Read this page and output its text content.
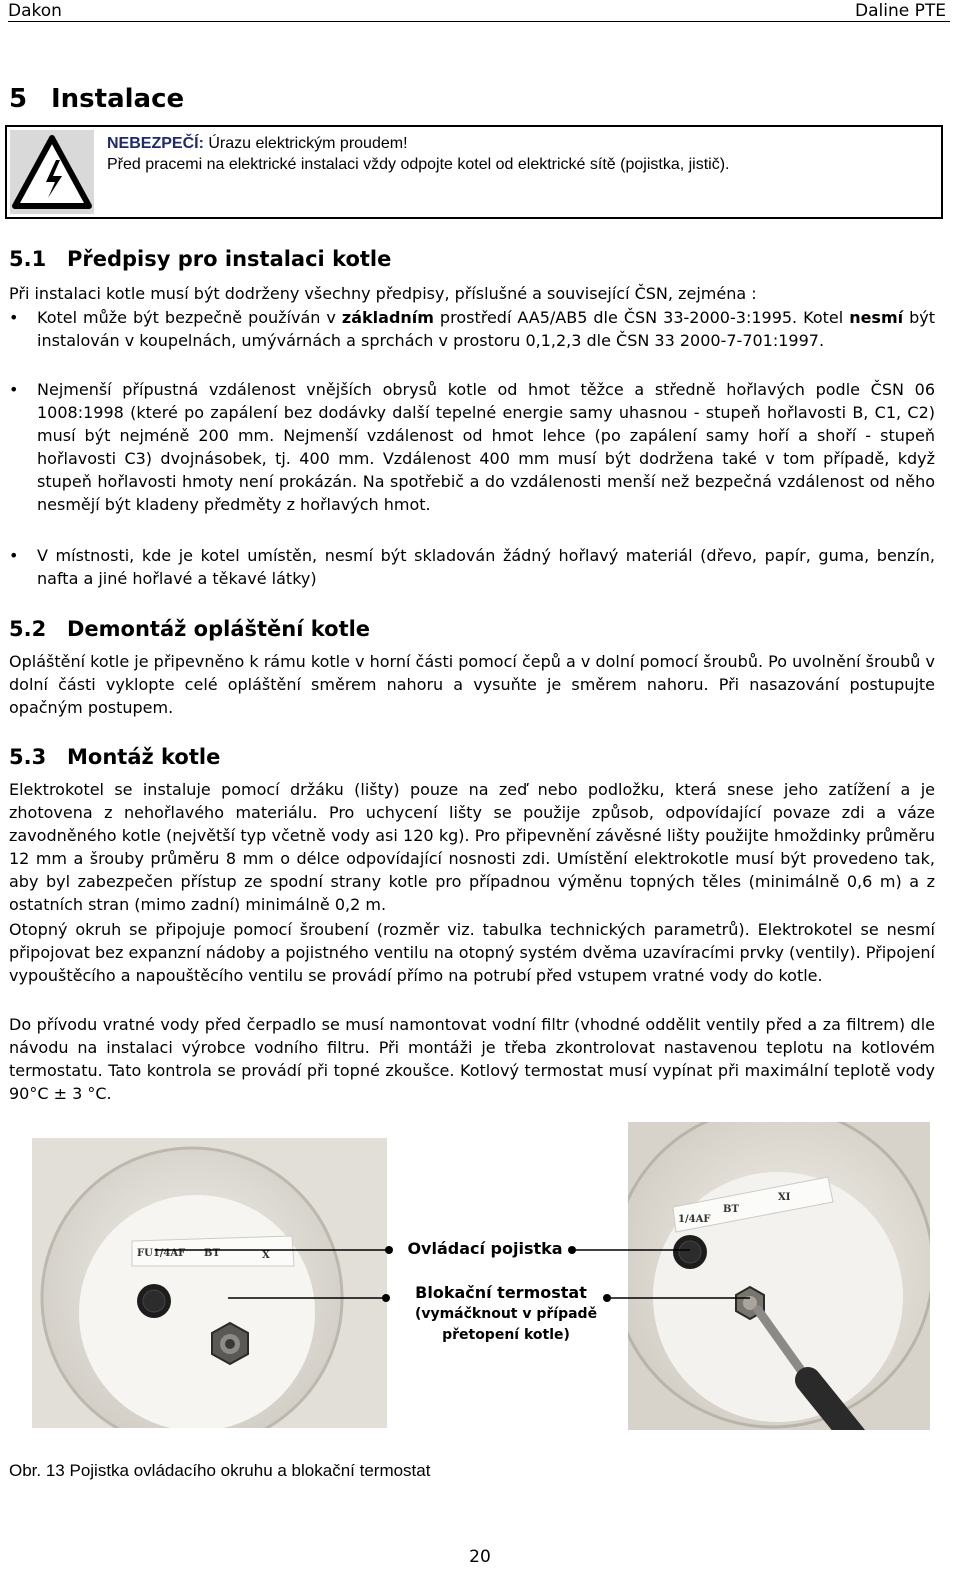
Dakon	Daline PTE
5 Instalace
NEBEZPEČÍ: Úrazu elektrickým proudem!
Před pracemi na elektrické instalaci vždy odpojte kotel od elektrické sítě (pojistka, jistič).
5.1 Předpisy pro instalaci kotle
Při instalaci kotle musí být dodrženy všechny předpisy, příslušné a související ČSN, zejména :
• Kotel může být bezpečně používán v základním prostředí AA5/AB5 dle ČSN 33-2000-3:1995. Kotel nesmí být instalován v koupelnách, umývárnách a sprchách v prostoru 0,1,2,3 dle ČSN 33 2000-7-701:1997.
• Nejmenší přípustná vzdálenost vnějších obrysů kotle od hmot těžce a středně hořlavých podle ČSN 06 1008:1998 (které po zapálení bez dodávky další tepelné energie samy uhasnou - stupeň hořlavosti B, C1, C2) musí být nejméně 200 mm. Nejmenší vzdálenost od hmot lehce (po zapálení samy hoří a shoří - stupeň hořlavosti C3) dvojnásobek, tj. 400 mm. Vzdálenost 400 mm musí být dodržena také v tom případě, když stupeň hořlavosti hmoty není prokázán. Na spotřebič a do vzdálenosti menší než bezpečná vzdálenost od něho nesmějí být kladeny předměty z hořlavých hmot.
• V místnosti, kde je kotel umístěn, nesmí být skladován žádný hořlavý materiál (dřevo, papír, guma, benzín, nafta a jiné hořlavé a těkavé látky)
5.2 Demontáž opláštění kotle
Opláštění kotle je připevněno k rámu kotle v horní části pomocí čepů a v dolní pomocí šroubů. Po uvolnění šroubů v dolní části vyklopte celé opláštění směrem nahoru a vysuňte je směrem nahoru. Při nasazování postupujte opačným postupem.
5.3 Montáž kotle
Elektrokotel se instaluje pomocí držáku (lišty) pouze na zeď nebo podložku, která snese jeho zatížení a je zhotovena z nehořlavého materiálu. Pro uchycení lišty se použije způsob, odpovídající povaze zdi a váze zavodněného kotle (největší typ včetně vody asi 120 kg). Pro připevnění závěsné lišty použijte hmoždinky průměru 12 mm a šrouby průměru 8 mm o délce odpovídající nosnosti zdi. Umístění elektrokotle musí být provedeno tak, aby byl zabezpečen přístup ze spodní strany kotle pro případnou výměnu topných těles (minimálně 0,6 m) a z ostatních stran (mimo zadní) minimálně 0,2 m.
Otopný okruh se připojuje pomocí šroubení (rozměr viz. tabulka technických parametrů). Elektrokotel se nesmí připojovat bez expanzní nádoby a pojistného ventilu na otopný systém dvěma uzavíracími prvky (ventily). Připojení vypouštěcího a napouštěcího ventilu se provádí přímo na potrubí před vstupem vratné vody do kotle.
Do přívodu vratné vody před čerpadlo se musí namontovat vodní filtr (vhodné oddělit ventily před a za filtrem) dle návodu na instalaci výrobce vodního filtru. Při montáži je třeba zkontrolovat nastavenou teplotu na kotlovém termostatu. Tato kontrola se provádí při topné zkoušce. Kotlový termostat musí vypínat při maximální teplotě vody 90°C ± 3 °C.
FU1/4AF BT	X
1/4AF
BT
XI
Ovládací pojistka
Blokační termostat
(vymáčknout v případě
přetopení kotle)
Obr. 13 Pojistka ovládacího okruhu a blokační termostat
20
